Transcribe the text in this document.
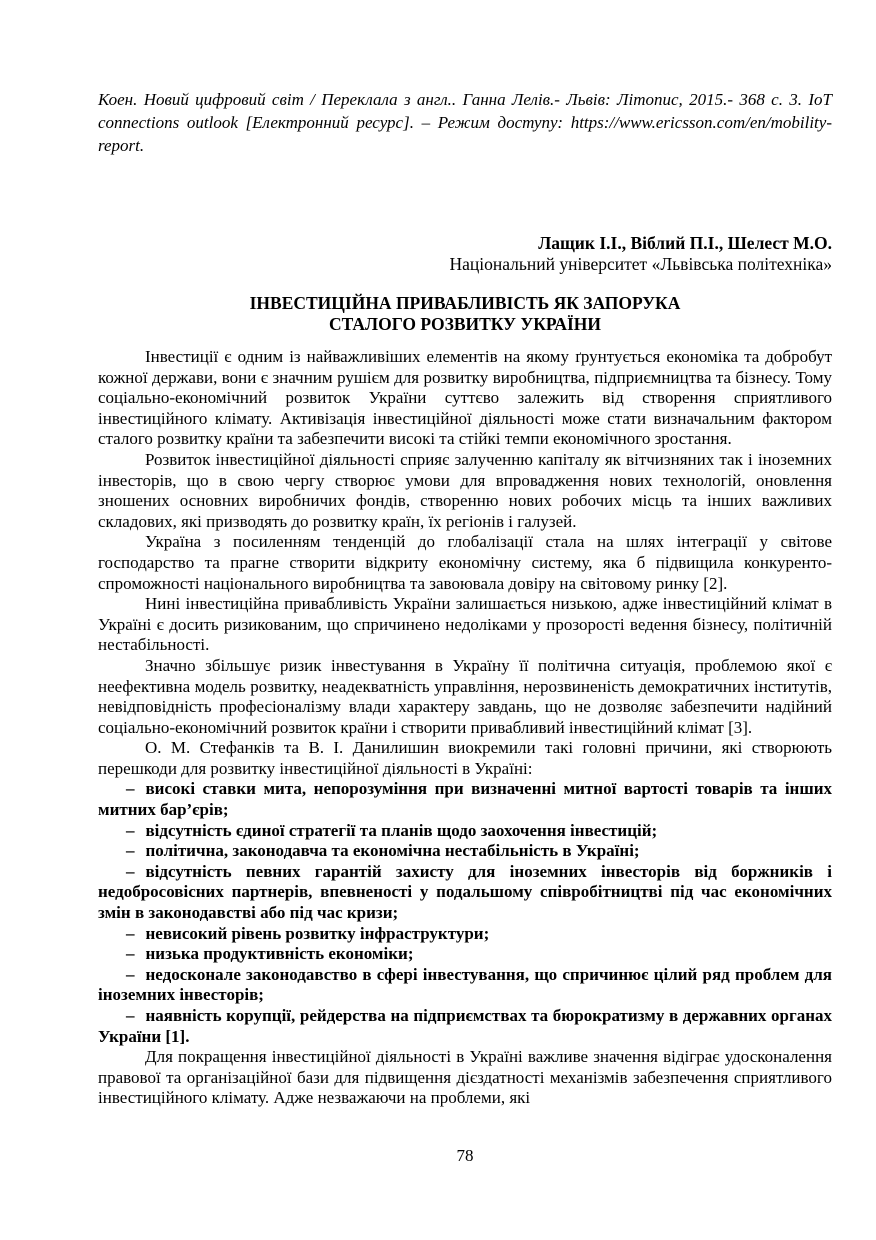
Коен. Новий цифровий світ / Переклала з англ.. Ганна Лелів.- Львів: Літопис, 2015.- 368 с. 3. IoT connections outlook [Електронний ресурс]. – Режим доступу: https://www.ericsson.com/en/mobility-report.

Лащик І.І., Віблий П.І., Шелест М.О.
Національний університет «Львівська політехніка»
ІНВЕСТИЦІЙНА ПРИВАБЛИВІСТЬ ЯК ЗАПОРУКА
СТАЛОГО РОЗВИТКУ УКРАЇНИ

Інвестиції є одним із найважливіших елементів на якому ґрунтується економіка та добробут кожної держави, вони є значним рушієм для розвитку виробництва, підприємництва та бізнесу. Тому соціально-економічний розвиток України суттєво залежить від створення сприятливого інвестиційного клімату. Активізація інвестиційної діяльності може стати визначальним фактором сталого розвитку країни та забезпечити високі та стійкі темпи економічного зростання.

Розвиток інвестиційної діяльності сприяє залученню капіталу як вітчизняних так і іноземних інвесторів, що в свою чергу створює умови для впровадження нових технологій, оновлення зношених основних виробничих фондів, створенню нових робочих місць та інших важливих складових, які призводять до розвитку країн, їх регіонів і галузей.

Україна з посиленням тенденцій до глобалізації стала на шлях інтеграції у світове господарство та прагне створити відкриту економічну систему, яка б підвищила конкуренто-спроможності національного виробництва та завоювала довіру на світовому ринку [2].

Нині інвестиційна привабливість України залишається низькою, адже інвестиційний клімат в Україні є досить ризикованим, що спричинено недоліками у прозорості ведення бізнесу, політичній нестабільності.

Значно збільшує ризик інвестування в Україну її політична ситуація, проблемою якої є неефективна модель розвитку, неадекватність управління, нерозвиненість демократичних інститутів, невідповідність професіоналізму влади характеру завдань, що не дозволяє забезпечити надійний соціально-економічний розвиток країни і створити привабливий інвестиційний клімат [3].

О. М. Стефанків та В. І. Данилишин виокремили такі головні причини, які створюють перешкоди для розвитку інвестиційної діяльності в Україні:

– високі ставки мита, непорозуміння при визначенні митної вартості товарів та інших митних бар’єрів;

– відсутність єдиної стратегії та планів щодо заохочення інвестицій;

– політична, законодавча та економічна нестабільність в Україні;

– відсутність певних гарантій захисту для іноземних інвесторів від боржників і недобросовісних партнерів, впевненості у подальшому співробітництві під час економічних змін в законодавстві або під час кризи;

– невисокий рівень розвитку інфраструктури;

– низька продуктивність економіки;

– недосконале законодавство в сфері інвестування, що спричинює цілий ряд проблем для іноземних інвесторів;

– наявність корупції, рейдерства на підприємствах та бюрократизму в державних органах України [1].

Для покращення інвестиційної діяльності в Україні важливе значення відіграє удосконалення правової та організаційної бази для підвищення дієздатності механізмів забезпечення сприятливого інвестиційного клімату. Адже незважаючи на проблеми, які

78
